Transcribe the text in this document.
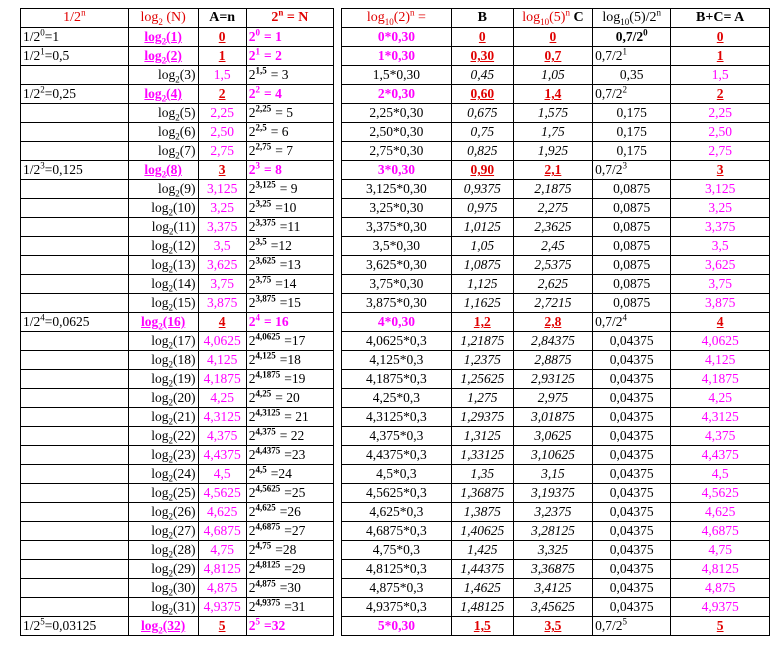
1/2$^n$	$\log_2 (N)$	A=n	$2^n = N$
$1/2^0=1$	$\log_2(1)$	0	$2^0 = 1$
$1/2^1=0,5$	$\log_2(2)$	1	$2^1 = 2$
	$\log_2(3)$	1,5	$2^{1,5} = 3$
$1/2^2=0,25$	$\log_2(4)$	2	$2^2 = 4$
	$\log_2(5)$	2,25	$2^{2,25} = 5$
	$\log_2(6)$	2,50	$2^{2,5} = 6$
	$\log_2(7)$	2,75	$2^{2,75} = 7$
$1/2^3=0,125$	$\log_2(8)$	3	$2^3 = 8$
	$\log_2(9)$	3,125	$2^{3,125} = 9$
	$\log_2(10)$	3,25	$2^{3,25} =10$
	$\log_2(11)$	3,375	$2^{3,375} =11$
	$\log_2(12)$	3,5	$2^{3,5} =12$
	$\log_2(13)$	3,625	$2^{3,625} =13$
	$\log_2(14)$	3,75	$2^{3,75} =14$
	$\log_2(15)$	3,875	$2^{3,875} =15$
$1/2^4=0,0625$	$\log_2(16)$	4	$2^4 = 16$
	$\log_2(17)$	4,0625	$2^{4,0625} =17$
	$\log_2(18)$	4,125	$2^{4,125} =18$
	$\log_2(19)$	4,1875	$2^{4,1875} =19$
	$\log_2(20)$	4,25	$2^{4,25} = 20$
	$\log_2(21)$	4,3125	$2^{4,3125} = 21$
	$\log_2(22)$	4,375	$2^{4,375} = 22$
	$\log_2(23)$	4,4375	$2^{4,4375} =23$
	$\log_2(24)$	4,5	$2^{4,5} =24$
	$\log_2(25)$	4,5625	$2^{4,5625} =25$
	$\log_2(26)$	4,625	$2^{4,625} =26$
	$\log_2(27)$	4,6875	$2^{4,6875} =27$
	$\log_2(28)$	4,75	$2^{4,75} =28$
	$\log_2(29)$	4,8125	$2^{4,8125} =29$
	$\log_2(30)$	4,875	$2^{4,875} =30$
	$\log_2(31)$	4,9375	$2^{4,9375} =31$
$1/2^5=0,03125$	$\log_2(32)$	5	$2^5 =32$
$\log_{10}(2)^n$ =	B	$\log_{10}(5)^n$ C	$\log_{10}(5)/2^n$	B+C= A
0*0,30	0	0	$0,7/2^0$	0
1*0,30	0,30	0,7	$0,7/2^1$	1
1,5*0,30	0,45	1,05	0,35	1,5
2*0,30	0,60	1,4	$0,7/2^2$	2
2,25*0,30	0,675	1,575	0,175	2,25
2,50*0,30	0,75	1,75	0,175	2,50
2,75*0,30	0,825	1,925	0,175	2,75
3*0,30	0,90	2,1	$0,7/2^3$	3
3,125*0,30	0,9375	2,1875	0,0875	3,125
3,25*0,30	0,975	2,275	0,0875	3,25
3,375*0,30	1,0125	2,3625	0,0875	3,375
3,5*0,30	1,05	2,45	0,0875	3,5
3,625*0,30	1,0875	2,5375	0,0875	3,625
3,75*0,30	1,125	2,625	0,0875	3,75
3,875*0,30	1,1625	2,7215	0,0875	3,875
4*0,30	1,2	2,8	$0,7/2^4$	4
4,0625*0,3	1,21875	2,84375	0,04375	4,0625
4,125*0,3	1,2375	2,8875	0,04375	4,125
4,1875*0,3	1,25625	2,93125	0,04375	4,1875
4,25*0,3	1,275	2,975	0,04375	4,25
4,3125*0,3	1,29375	3,01875	0,04375	4,3125
4,375*0,3	1,3125	3,0625	0,04375	4,375
4,4375*0,3	1,33125	3,10625	0,04375	4,4375
4,5*0,3	1,35	3,15	0,04375	4,5
4,5625*0,3	1,36875	3,19375	0,04375	4,5625
4,625*0,3	1,3875	3,2375	0,04375	4,625
4,6875*0,3	1,40625	3,28125	0,04375	4,6875
4,75*0,3	1,425	3,325	0,04375	4,75
4,8125*0,3	1,44375	3,36875	0,04375	4,8125
4,875*0,3	1,4625	3,4125	0,04375	4,875
4,9375*0,3	1,48125	3,45625	0,04375	4,9375
5*0,30	1,5	3,5	$0,7/2^5$	5
